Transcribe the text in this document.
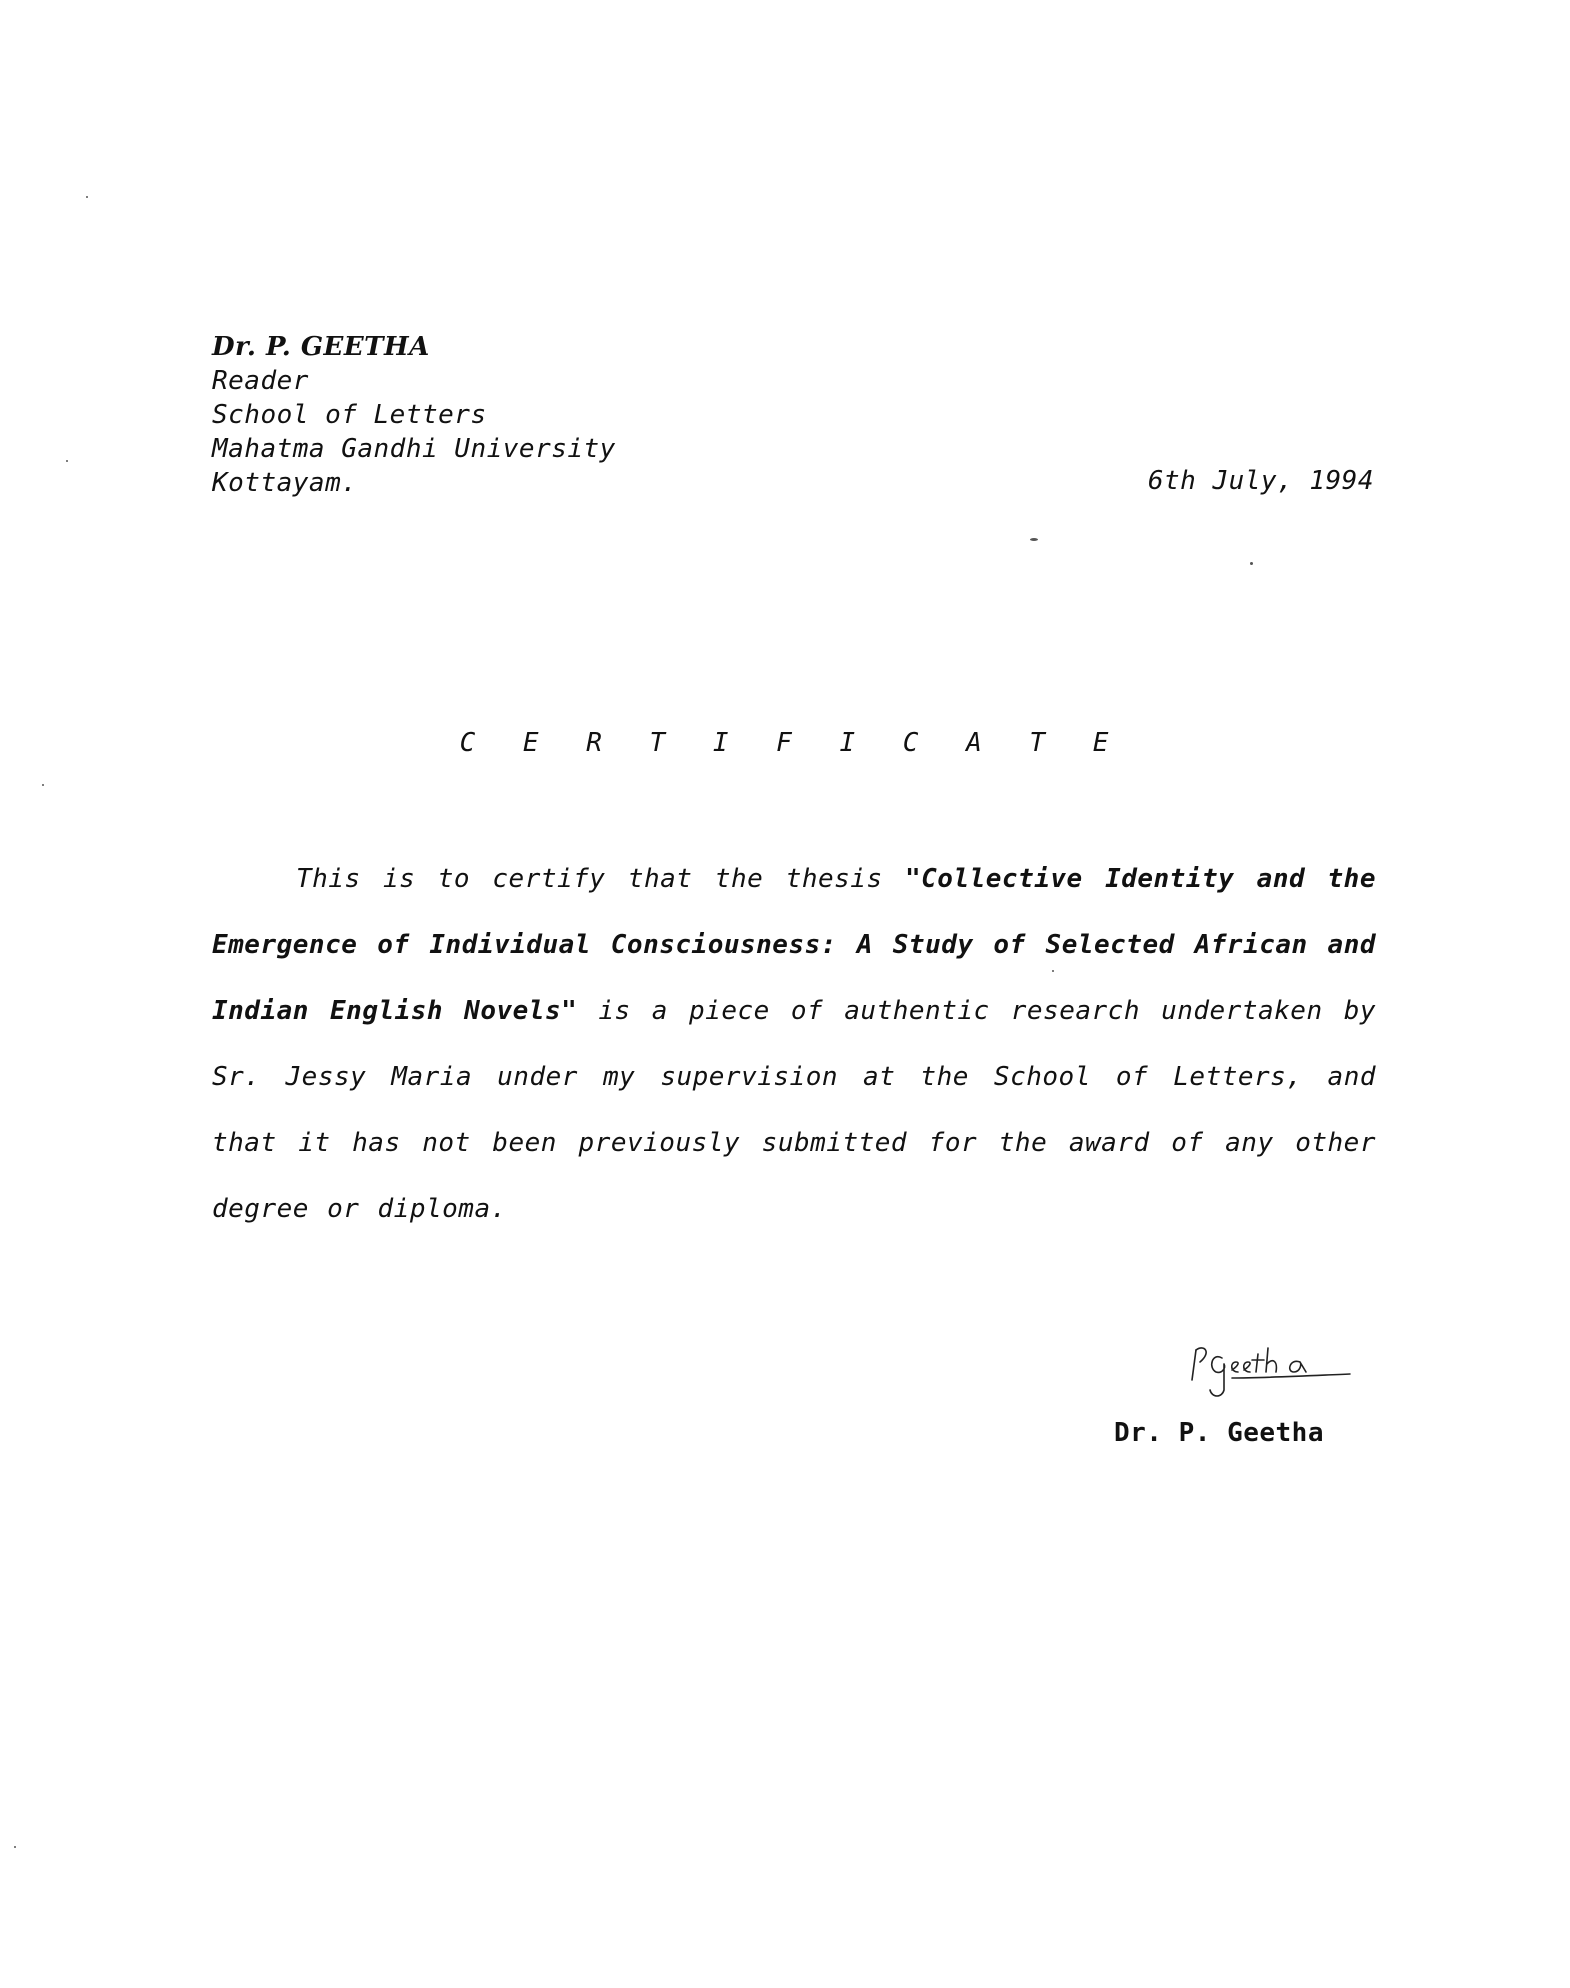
Dr. P. GEETHA
Reader
School of Letters
Mahatma Gandhi University
Kottayam.	6th July, 1994
C E R T I F I C A T E
This is to certify that the thesis "Collective Identity and the Emergence of Individual Consciousness: A Study of Selected African and Indian English Novels" is a piece of authentic research undertaken by Sr. Jessy Maria under my supervision at the School of Letters, and that it has not been previously submitted for the award of any other degree or diploma.
Dr. P. Geetha
